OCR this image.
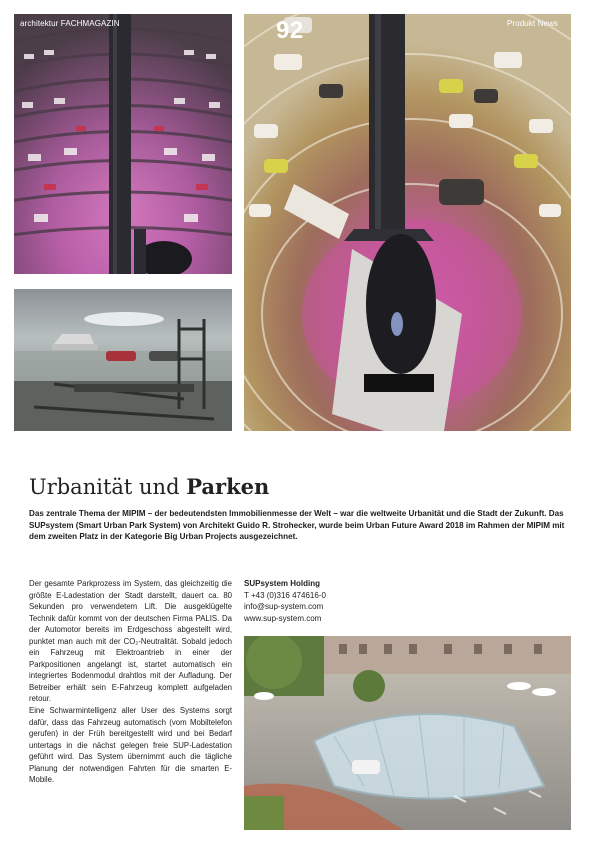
architektur FACHMAGAZIN	92	Produkt News
Urbanität und Parken
Das zentrale Thema der MIPIM – der bedeutendsten Immobilienmesse der Welt – war die weltweite Urbanität und die Stadt der Zukunft. Das SUPsystem (Smart Urban Park System) von Architekt Guido R. Strohecker, wurde beim Urban Future Award 2018 im Rahmen der MIPIM mit dem zweiten Platz in der Kategorie Big Urban Projects ausgezeichnet.

Der gesamte Parkprozess im System, das gleichzeitig die größte E-Ladestation der Stadt darstellt, dauert ca. 80 Sekunden pro verwendetem Lift. Die ausgeklügelte Technik dafür kommt von der deutschen Firma PALIS. Da der Automotor bereits im Erdgeschoss abgestellt wird, punktet man auch mit der CO₂-Neutralität. Sobald jedoch ein Fahrzeug mit Elektroantrieb in einer der Parkpositionen angelangt ist, startet automatisch ein integriertes Bodenmodul drahtlos mit der Aufladung. Der Betreiber erhält sein E-Fahrzeug komplett aufgeladen retour.

Eine Schwarmintelligenz aller User des Systems sorgt dafür, dass das Fahrzeug automatisch (vom Mobiltelefon gerufen) in der Früh bereitgestellt wird und bei Bedarf untertags in die nächst gelegen freie SUP-Ladestation geführt wird. Das System übernimmt auch die tägliche Planung der notwendigen Fahrten für die smarten E-Mobile.

SUPsystem Holding
T +43 (0)316 474616-0
info@sup-system.com
www.sup-system.com
